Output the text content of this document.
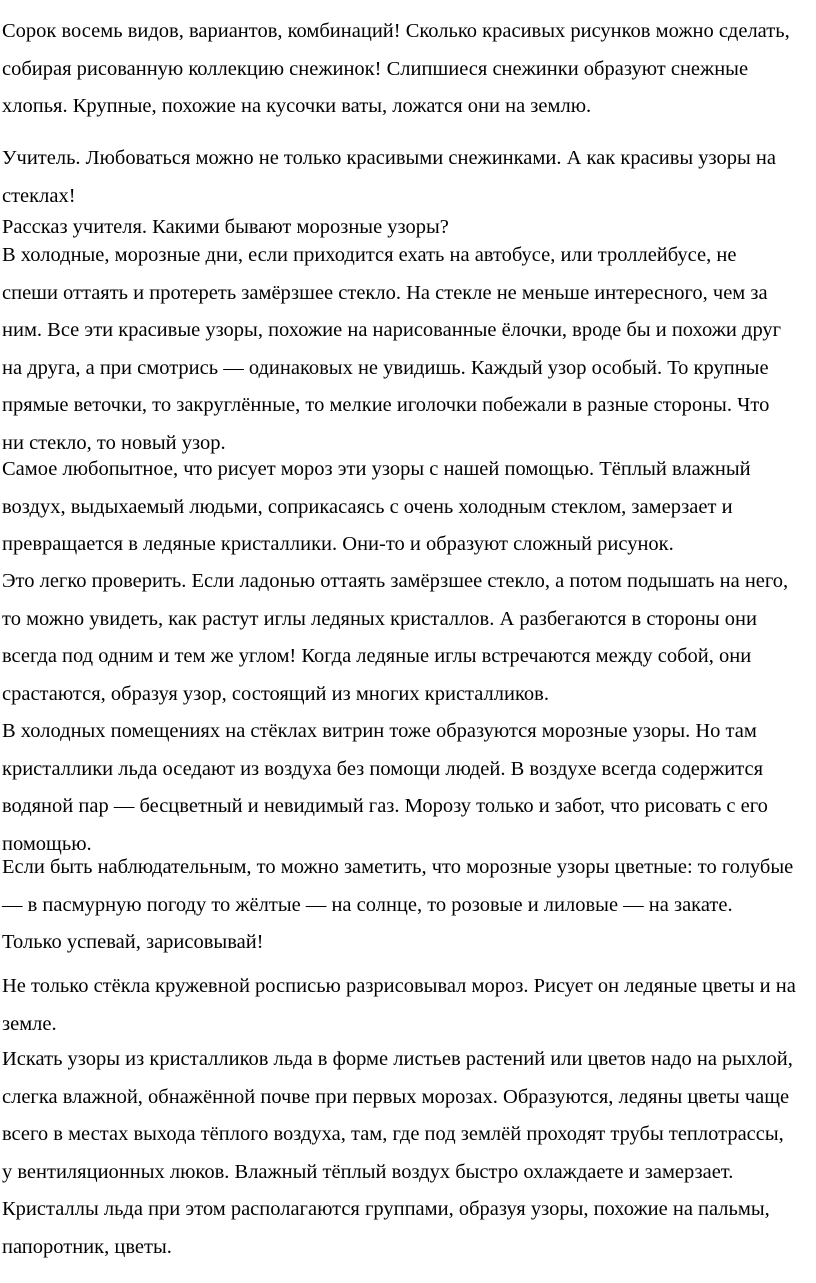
Сорок восемь видов, вариантов, комбинаций! Сколько красивых рисунков можно сделать,
собирая рисованную коллекцию снежинок! Слипшиеся снежинки образуют снежные
хлопья. Крупные, похожие на кусочки ваты, ложатся они на землю.
Учитель. Любоваться можно не только красивыми снежинками. А как красивы узоры на
стеклах!
Рассказ учителя. Какими бывают морозные узоры?
В холодные, морозные дни, если приходится ехать на автобусе, или троллейбусе, не
спеши оттаять и протереть замёрзшее стекло. На стекле не меньше интересного, чем за
ним. Все эти красивые узоры, похожие на нарисованные ёлочки, вроде бы и похожи друг
на друга, а при смотрись — одинаковых не увидишь. Каждый узор особый. То крупные
прямые веточки, то закруглённые, то мелкие иголочки побежали в разные стороны. Что
ни стекло, то новый узор.
Самое любопытное, что рисует мороз эти узоры с нашей помощью. Тёплый влажный
воздух, выдыхаемый людьми, соприкасаясь с очень холодным стеклом, замерзает и
превращается в ледяные кристаллики. Они-то и образуют сложный рисунок.
Это легко проверить. Если ладонью оттаять замёрзшее стекло, а потом подышать на него,
то можно увидеть, как растут иглы ледяных кристаллов. А разбегаются в стороны они
всегда под одним и тем же углом! Когда ледяные иглы встречаются между собой, они
срастаются, образуя узор, состоящий из многих кристалликов.
В холодных помещениях на стёклах витрин тоже образуются морозные узоры. Но там
кристаллики льда оседают из воздуха без помощи людей. В воздухе всегда содержится
водяной пар — бесцветный и невидимый газ. Морозу только и забот, что рисовать с его
помощью.
Если быть наблюдательным, то можно заметить, что морозные узоры цветные: то голубые
— в пасмурную погоду то жёлтые — на солнце, то розовые и лиловые — на закате.
Только успевай, зарисовывай!
Не только стёкла кружевной росписью разрисовывал мороз. Рисует он ледяные цветы и на
земле.
Искать узоры из кристалликов льда в форме листьев растений или цветов надо на рыхлой,
слегка влажной, обнажённой почве при первых морозах. Образуются, ледяны цветы чаще
всего в местах выхода тёплого воздуха, там, где под землёй проходят трубы теплотрассы,
у вентиляционных люков. Влажный тёплый воздух быстро охлаждаете и замерзает.
Кристаллы льда при этом располагаются группами, образуя узоры, похожие на пальмы,
папоротник, цветы.
